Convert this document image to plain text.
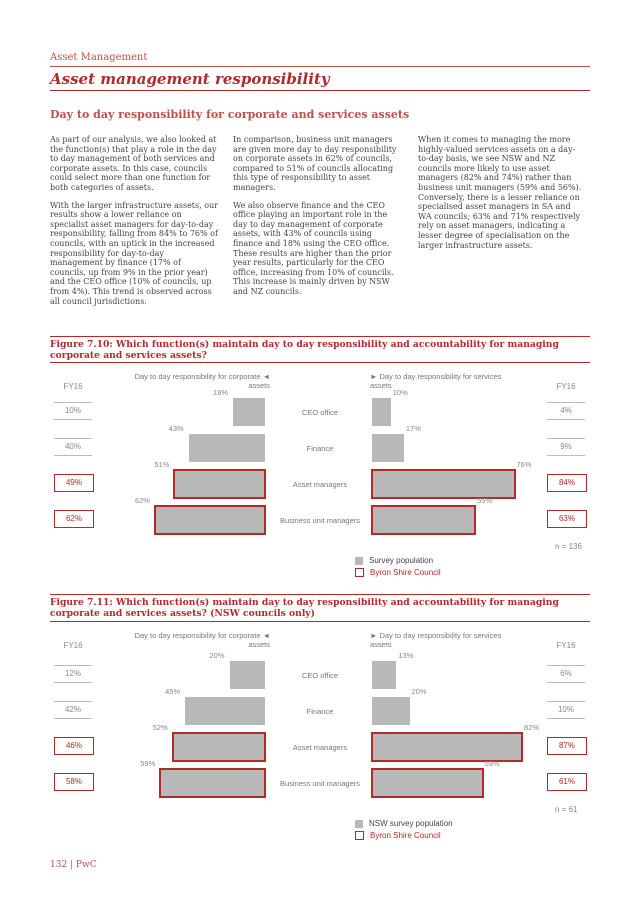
Asset Management
Asset management responsibility
Day to day responsibility for corporate and services assets

As part of our analysis, we also looked at the function(s) that play a role in the day to day management of both services and corporate assets. In this case, councils could select more than one function for both categories of assets.

With the larger infrastructure assets, our results show a lower reliance on specialist asset managers for day-to-day responsibility, falling from 84% to 76% of councils, with an uptick in the increased responsibility for day-to-day management by finance (17% of councils, up from 9% in the prior year) and the CEO office (10% of councils, up from 4%). This trend is observed across all council jurisdictions.

In comparison, business unit managers are given more day to day responsibility on corporate assets in 62% of councils, compared to 51% of councils allocating this type of responsibility to asset managers.

We also observe finance and the CEO office playing an important role in the day to day management of corporate assets, with 43% of councils using finance and 18% using the CEO office. These results are higher than the prior year results, particularly for the CEO office, increasing from 10% of councils. This increase is mainly driven by NSW and NZ councils.

When it comes to managing the more highly-valued services assets on a day-to-day basis, we see NSW and NZ councils more likely to use asset managers (82% and 74%) rather than business unit managers (59% and 56%). Conversely, there is a lesser reliance on specialised asset managers in SA and WA councils; 63% and 71% respectively rely on asset managers, indicating a lesser degree of specialisation on the larger infrastructure assets.

Figure 7.10: Which function(s) maintain day to day responsibility and accountability for managing corporate and services assets?
Day to day responsibility for corporate ◄ assets
► Day to day responsibility for services assets
FY16	FY16
10%	4%
CEO office
18%	10%
40%	9%
Finance
43%	17%
49%	84%
Asset managers
51%	76%
62%	63%
Business unit managers
62%	55%
n = 136
Survey population
Byron Shire Council
Figure 7.11: Which function(s) maintain day to day responsibility and accountability for managing corporate and services assets? (NSW councils only)
Day to day responsibility for corporate ◄ assets
► Day to day responsibility for services assets
FY16	FY16
12%	6%
CEO office
20%	13%
42%	10%
Finance
45%	20%
46%	87%
Asset managers
52%	82%
58%	61%
Business unit managers
59%	59%
n = 61
NSW survey population
Byron Shire Council
132 | PwC
